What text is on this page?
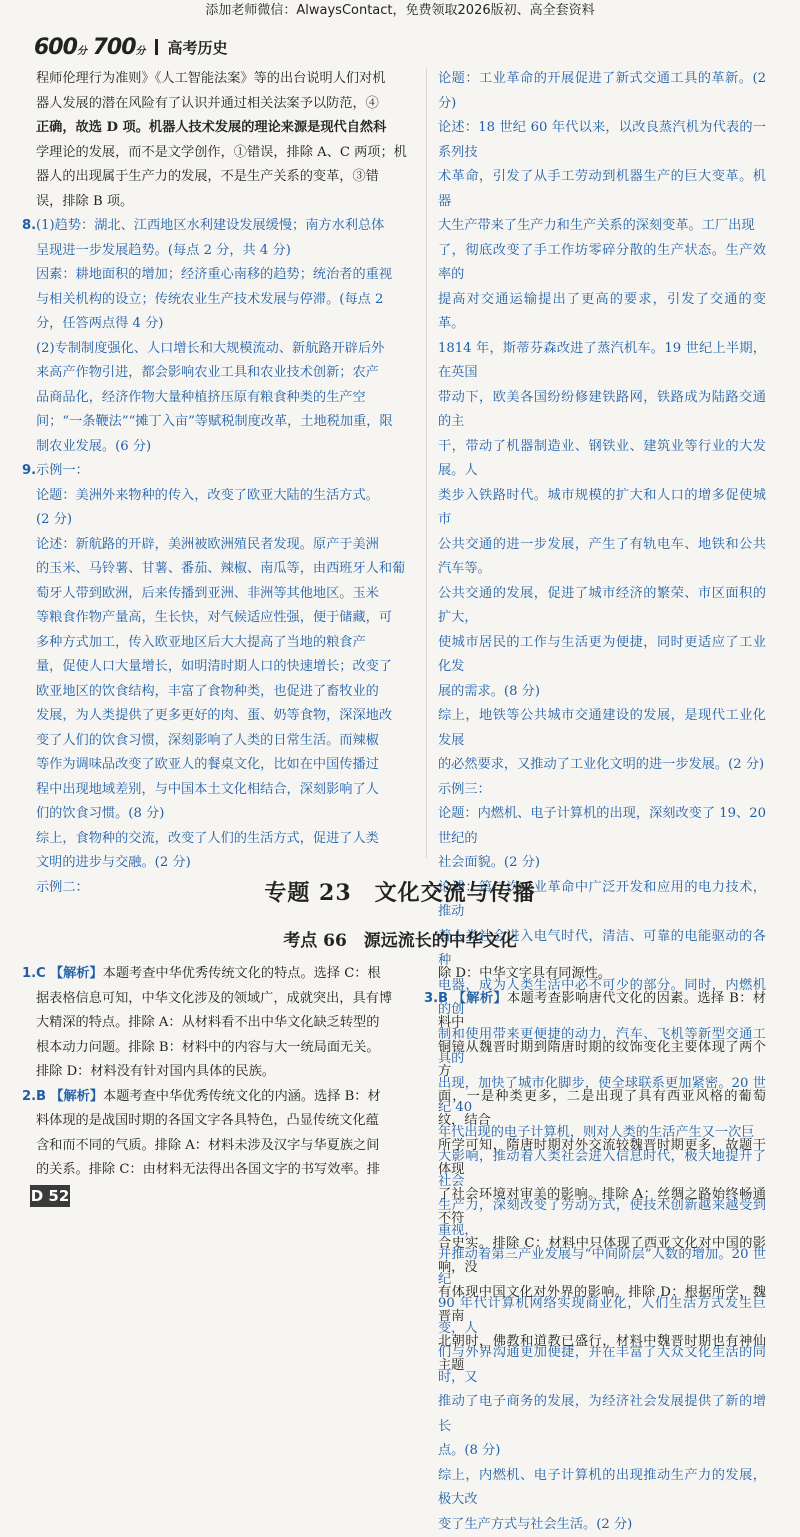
添加老师微信：AlwaysContact，免费领取2026版初、高全套资料
600分 700分 高考历史

程师伦理行为准则》《人工智能法案》等的出台说明人们对机

器人发展的潜在风险有了认识并通过相关法案予以防范，④

正确，故选 D 项。机器人技术发展的理论来源是现代自然科

学理论的发展，而不是文学创作，①错误，排除 A、C 两项；机

器人的出现属于生产力的发展，不是生产关系的变革，③错

误，排除 B 项。

8. (1)趋势：湖北、江西地区水利建设发展缓慢；南方水利总体

呈现进一步发展趋势。(每点 2 分，共 4 分)

因素：耕地面积的增加；经济重心南移的趋势；统治者的重视

与相关机构的设立；传统农业生产技术发展与停滞。(每点 2

分，任答两点得 4 分)

(2)专制制度强化、人口增长和大规模流动、新航路开辟后外

来高产作物引进，都会影响农业工具和农业技术创新；农产

品商品化，经济作物大量种植挤压原有粮食种类的生产空

间；“一条鞭法”“摊丁入亩”等赋税制度改革，土地税加重，限

制农业发展。(6 分)

9. 示例一：

论题：美洲外来物种的传入，改变了欧亚大陆的生活方式。

(2 分)

论述：新航路的开辟，美洲被欧洲殖民者发现。原产于美洲

的玉米、马铃薯、甘薯、番茄、辣椒、南瓜等，由西班牙人和葡

萄牙人带到欧洲，后来传播到亚洲、非洲等其他地区。玉米

等粮食作物产量高，生长快，对气候适应性强，便于储藏，可

多种方式加工，传入欧亚地区后大大提高了当地的粮食产

量，促使人口大量增长，如明清时期人口的快速增长；改变了

欧亚地区的饮食结构，丰富了食物种类，也促进了畜牧业的

发展，为人类提供了更多更好的肉、蛋、奶等食物，深深地改

变了人们的饮食习惯，深刻影响了人类的日常生活。而辣椒

等作为调味品改变了欧亚人的餐桌文化，比如在中国传播过

程中出现地域差别，与中国本土文化相结合，深刻影响了人

们的饮食习惯。(8 分)

综上，食物种的交流，改变了人们的生活方式，促进了人类

文明的进步与交融。(2 分)

示例二：

论题：工业革命的开展促进了新式交通工具的革新。(2 分)

论述：18 世纪 60 年代以来，以改良蒸汽机为代表的一系列技

术革命，引发了从手工劳动到机器生产的巨大变革。机器

大生产带来了生产力和生产关系的深刻变革。工厂出现

了，彻底改变了手工作坊零碎分散的生产状态。生产效率的

提高对交通运输提出了更高的要求，引发了交通的变革。

1814 年，斯蒂芬森改进了蒸汽机车。19 世纪上半期，在英国

带动下，欧美各国纷纷修建铁路网，铁路成为陆路交通的主

干，带动了机器制造业、钢铁业、建筑业等行业的大发展。人

类步入铁路时代。城市规模的扩大和人口的增多促使城市

公共交通的进一步发展，产生了有轨电车、地铁和公共汽车等。

公共交通的发展，促进了城市经济的繁荣、市区面积的扩大，

使城市居民的工作与生活更为便捷，同时更适应了工业化发

展的需求。(8 分)

综上，地铁等公共城市交通建设的发展，是现代工业化发展

的必然要求，又推动了工业化文明的进一步发展。(2 分)

示例三：

论题：内燃机、电子计算机的出现，深刻改变了 19、20 世纪的

社会面貌。(2 分)

论述：第二次工业革命中广泛开发和应用的电力技术，推动

着人类社会进入电气时代，清洁、可靠的电能驱动的各种

电器，成为人类生活中必不可少的部分。同时，内燃机的创

制和使用带来更便捷的动力，汽车、飞机等新型交通工具的

出现，加快了城市化脚步，使全球联系更加紧密。20 世纪 40

年代出现的电子计算机，则对人类的生活产生又一次巨

大影响，推动着人类社会进入信息时代，极大地提升了社会

生产力，深刻改变了劳动方式，使技术创新越来越受到重视，

并推动着第三产业发展与“中间阶层”人数的增加。20 世纪

90 年代计算机网络实现商业化，人们生活方式发生巨变，人

们与外界沟通更加便捷，并在丰富了大众文化生活的同时，又

推动了电子商务的发展，为经济社会发展提供了新的增长

点。(8 分)

综上，内燃机、电子计算机的出现推动生产力的发展，极大改

变了生产方式与社会生活。(2 分)

专题 23　文化交流与传播
考点 66　源远流长的中华文化
1. C 【解析】本题考查中华优秀传统文化的特点。选择 C：根

据表格信息可知，中华文化涉及的领域广，成就突出，具有博

大精深的特点。排除 A：从材料看不出中华文化缺乏转型的

根本动力问题。排除 B：材料中的内容与大一统局面无关。

排除 D：材料没有针对国内具体的民族。

2. B 【解析】本题考查中华优秀传统文化的内涵。选择 B：材

料体现的是战国时期的各国文字各具特色，凸显传统文化蕴

含和而不同的气质。排除 A：材料未涉及汉字与华夏族之间

的关系。排除 C：由材料无法得出各国文字的书写效率。排

除 D：中华文字具有同源性。

3. B 【解析】本题考查影响唐代文化的因素。选择 B：材料中

铜镜从魏晋时期到隋唐时期的纹饰变化主要体现了两个方

面，一是种类更多，二是出现了具有西亚风格的葡萄纹，结合

所学可知，隋唐时期对外交流较魏晋时期更多，故题干体现

了社会环境对审美的影响。排除 A：丝绸之路始终畅通不符

合史实。排除 C：材料中只体现了西亚文化对中国的影响，没

有体现中国文化对外界的影响。排除 D：根据所学，魏晋南

北朝时，佛教和道教已盛行，材料中魏晋时期也有神仙主题

D 52
